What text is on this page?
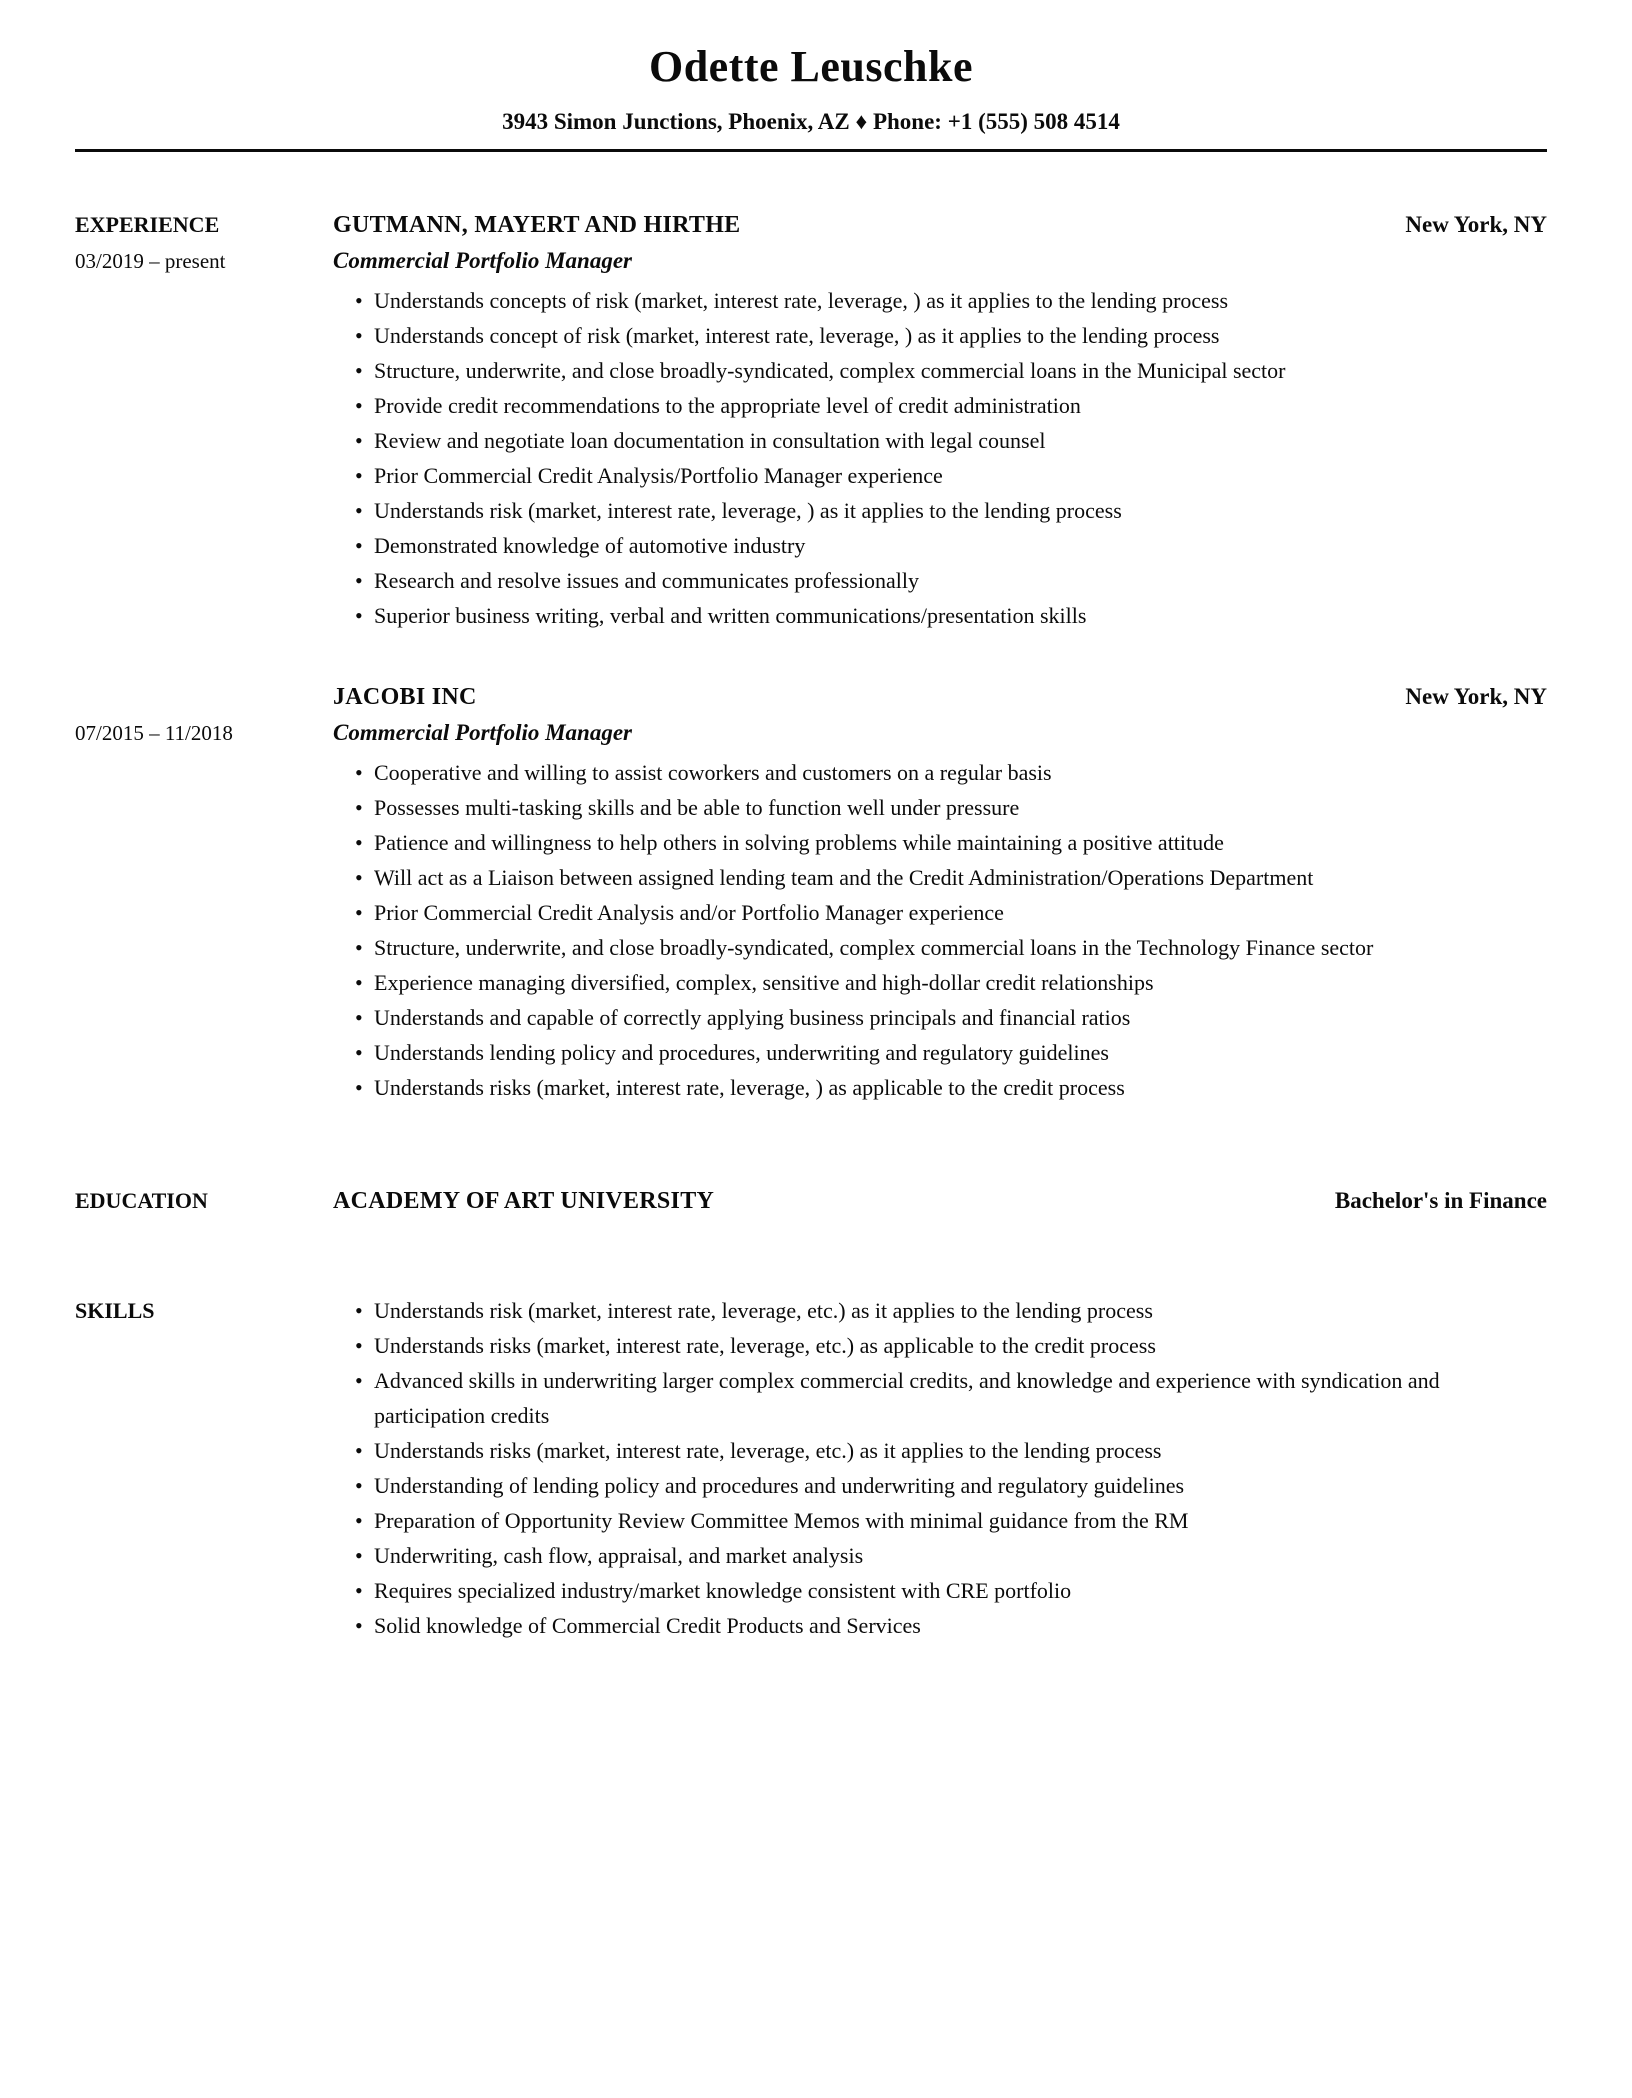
Odette Leuschke
3943 Simon Junctions, Phoenix, AZ ♦ Phone: +1 (555) 508 4514
EXPERIENCE
03/2019 – present
GUTMANN, MAYERT AND HIRTHE	New York, NY
Commercial Portfolio Manager
• Understands concepts of risk (market, interest rate, leverage, ) as it applies to the lending process
• Understands concept of risk (market, interest rate, leverage, ) as it applies to the lending process
• Structure, underwrite, and close broadly-syndicated, complex commercial loans in the Municipal sector
• Provide credit recommendations to the appropriate level of credit administration
• Review and negotiate loan documentation in consultation with legal counsel
• Prior Commercial Credit Analysis/Portfolio Manager experience
• Understands risk (market, interest rate, leverage, ) as it applies to the lending process
• Demonstrated knowledge of automotive industry
• Research and resolve issues and communicates professionally
• Superior business writing, verbal and written communications/presentation skills
07/2015 – 11/2018
JACOBI INC	New York, NY
Commercial Portfolio Manager
• Cooperative and willing to assist coworkers and customers on a regular basis
• Possesses multi-tasking skills and be able to function well under pressure
• Patience and willingness to help others in solving problems while maintaining a positive attitude
• Will act as a Liaison between assigned lending team and the Credit Administration/Operations Department
• Prior Commercial Credit Analysis and/or Portfolio Manager experience
• Structure, underwrite, and close broadly-syndicated, complex commercial loans in the Technology Finance sector
• Experience managing diversified, complex, sensitive and high-dollar credit relationships
• Understands and capable of correctly applying business principals and financial ratios
• Understands lending policy and procedures, underwriting and regulatory guidelines
• Understands risks (market, interest rate, leverage, ) as applicable to the credit process
EDUCATION	ACADEMY OF ART UNIVERSITY	Bachelor's in Finance
SKILLS	• Understands risk (market, interest rate, leverage, etc.) as it applies to the lending process
• Understands risks (market, interest rate, leverage, etc.) as applicable to the credit process
• Advanced skills in underwriting larger complex commercial credits, and knowledge and experience with syndication and participation credits
• Understands risks (market, interest rate, leverage, etc.) as it applies to the lending process
• Understanding of lending policy and procedures and underwriting and regulatory guidelines
• Preparation of Opportunity Review Committee Memos with minimal guidance from the RM
• Underwriting, cash flow, appraisal, and market analysis
• Requires specialized industry/market knowledge consistent with CRE portfolio
• Solid knowledge of Commercial Credit Products and Services
